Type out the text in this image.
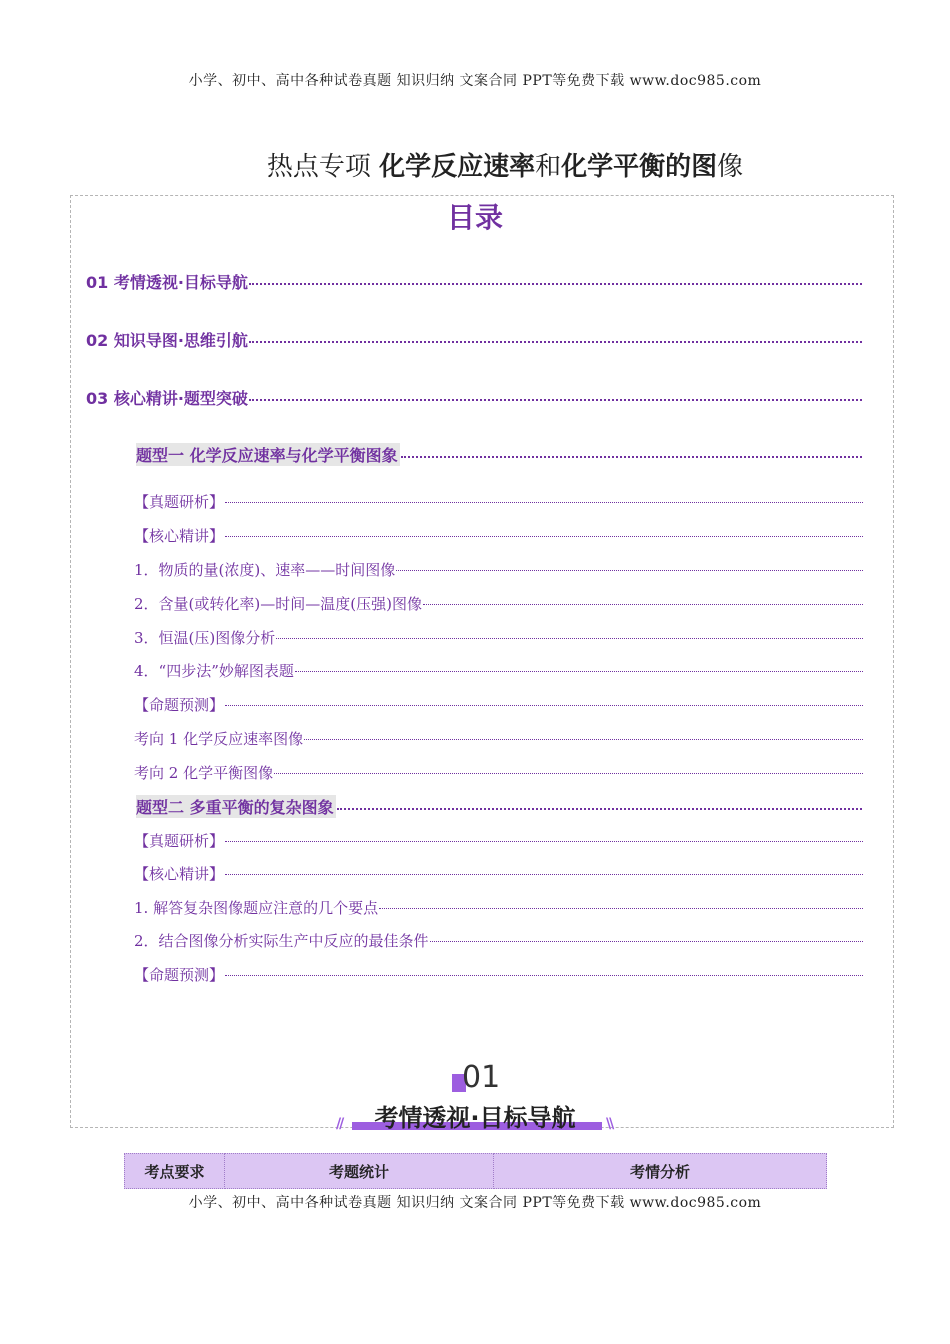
小学、初中、高中各种试卷真题 知识归纳 文案合同 PPT等免费下载 www.doc985.com
热点专项 化学反应速率和化学平衡的图像
目录
01 考情透视·目标导航
02 知识导图·思维引航
03 核心精讲·题型突破
题型一 化学反应速率与化学平衡图象
【真题研析】
【核心精讲】
1．物质的量(浓度)、速率——时间图像
2．含量(或转化率)—时间—温度(压强)图像
3．恒温(压)图像分析
4．“四步法”妙解图表题
【命题预测】
考向 1 化学反应速率图像
考向 2 化学平衡图像
题型二 多重平衡的复杂图象
【真题研析】
【核心精讲】
1. 解答复杂图像题应注意的几个要点
2．结合图像分析实际生产中反应的最佳条件
【命题预测】
01
//	考情透视·目标导航	\\
考点要求	考题统计	考情分析
小学、初中、高中各种试卷真题 知识归纳 文案合同 PPT等免费下载 www.doc985.com
